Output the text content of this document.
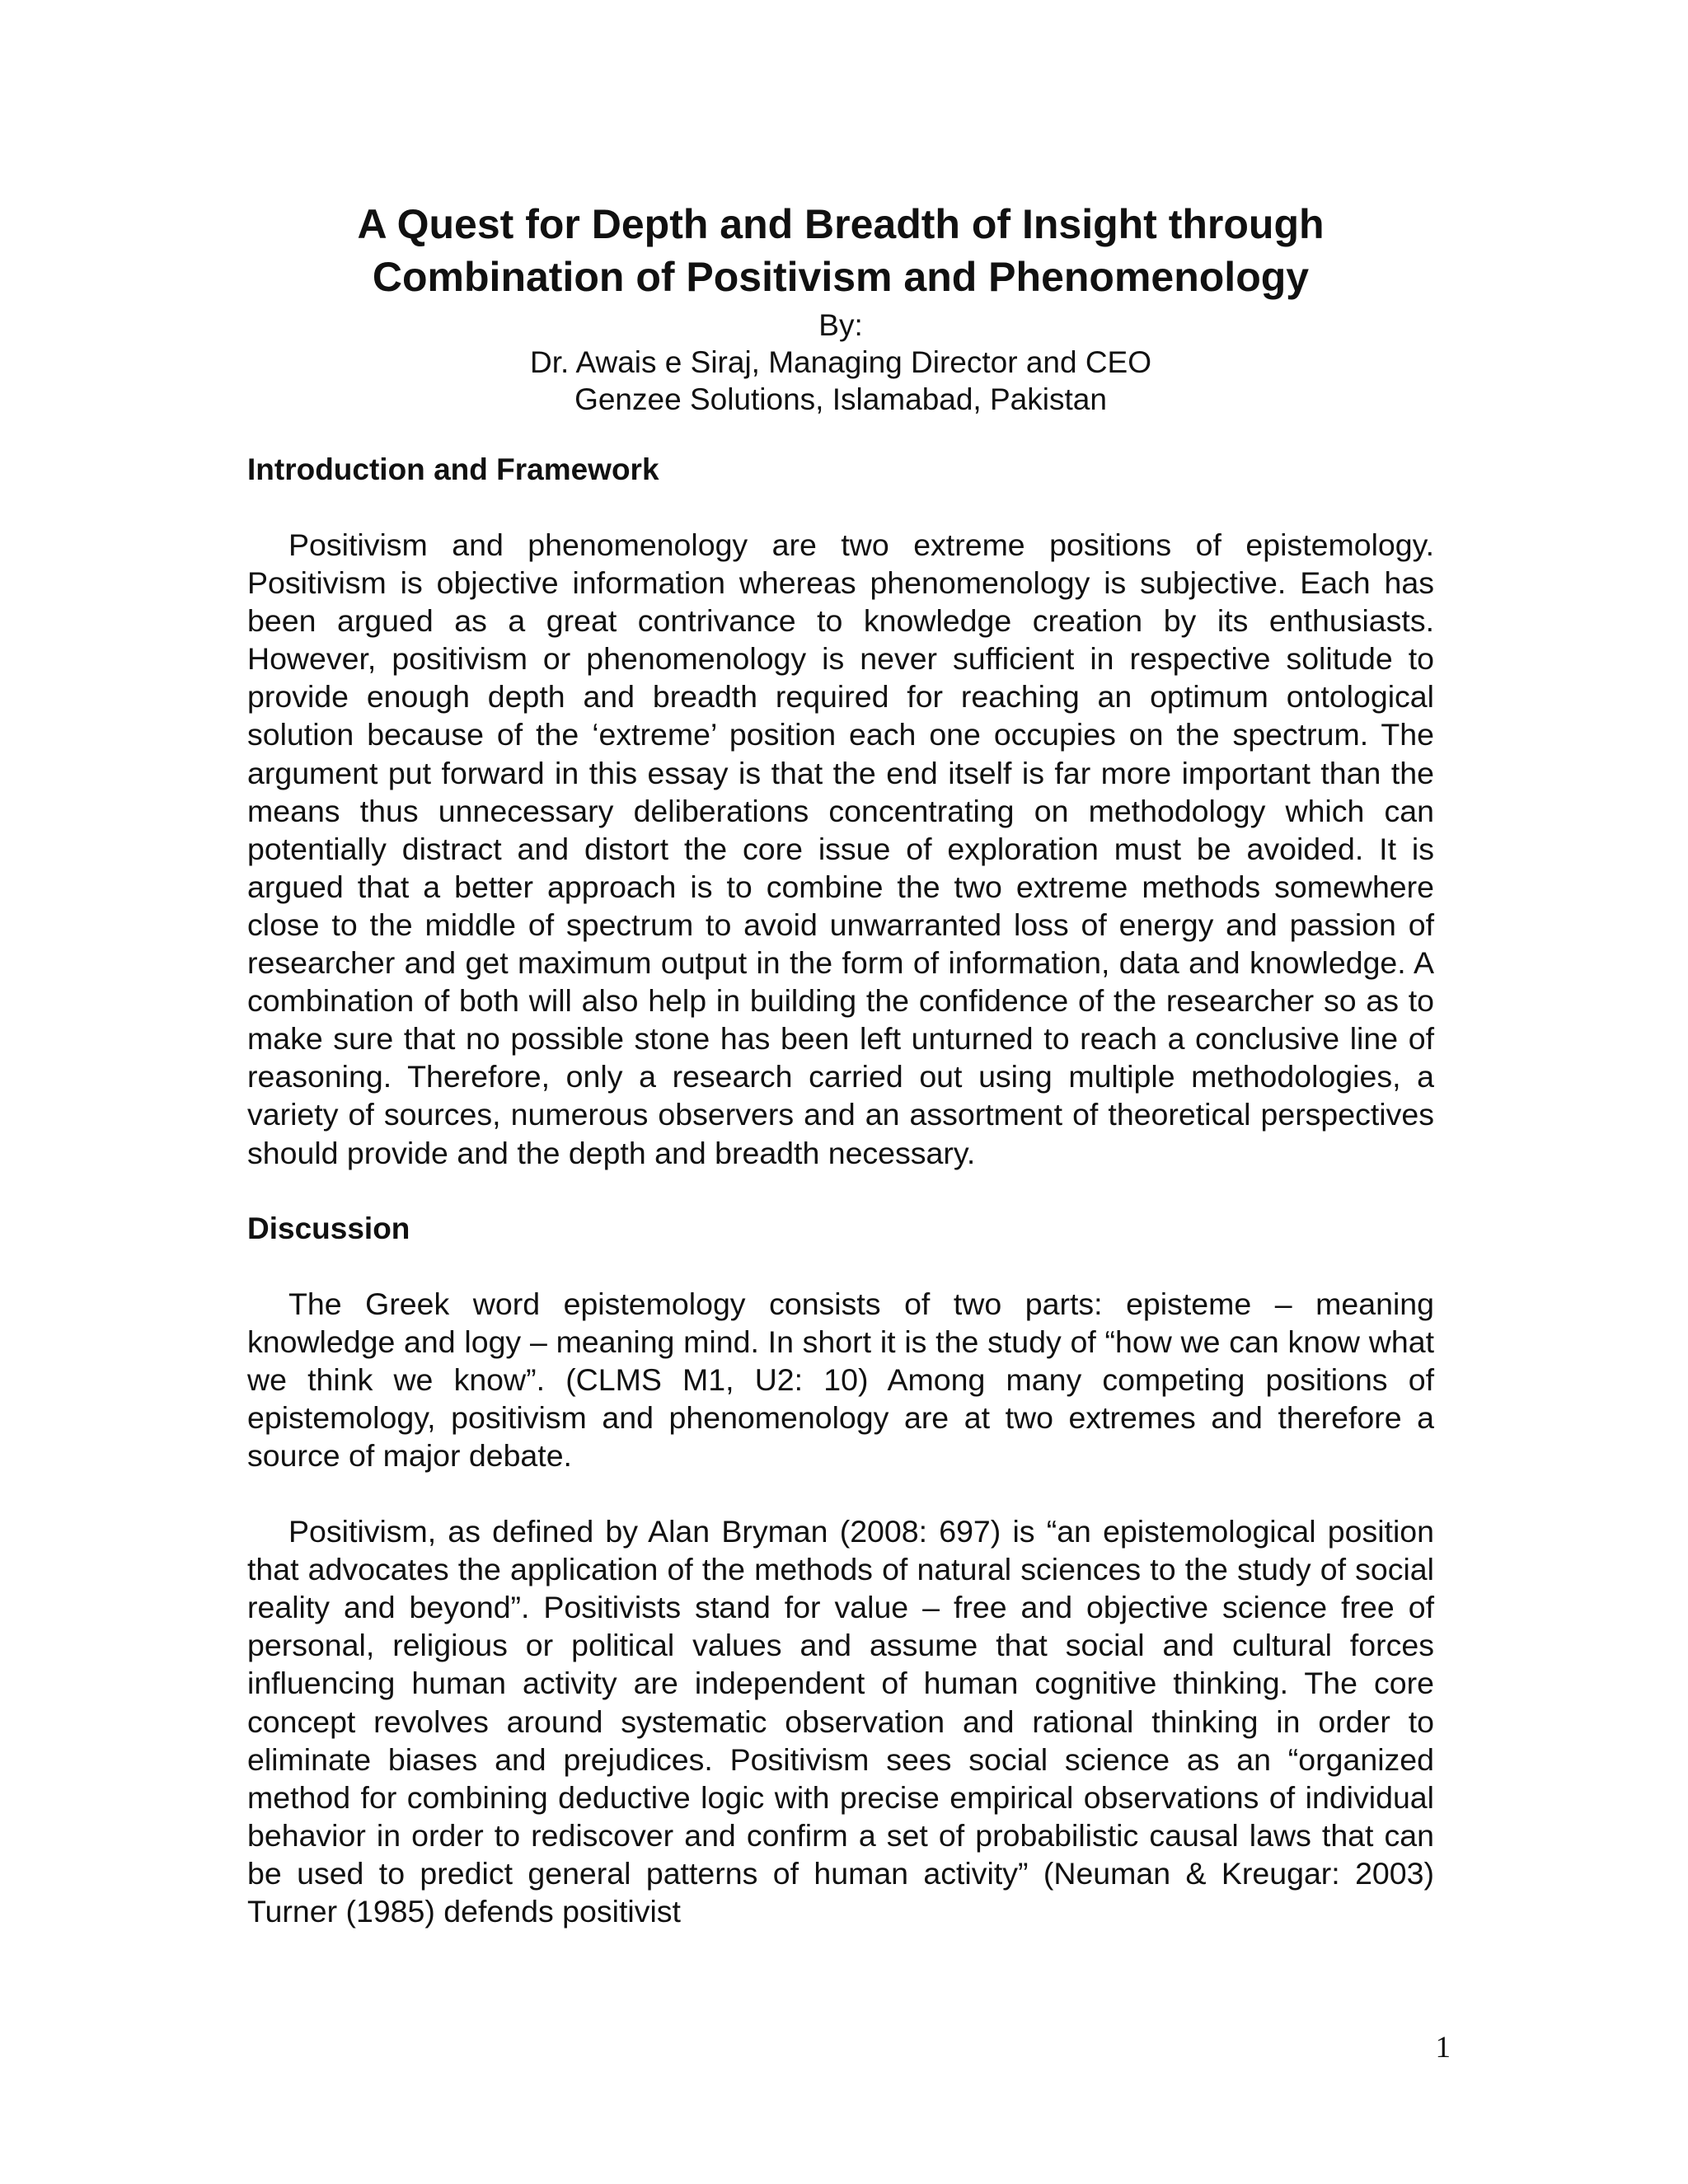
A Quest for Depth and Breadth of Insight through
Combination of Positivism and Phenomenology

By:

Dr. Awais e Siraj, Managing Director and CEO

Genzee Solutions, Islamabad, Pakistan

Introduction and Framework

Positivism and phenomenology are two extreme positions of epistemology. Positivism is objective information whereas phenomenology is subjective. Each has been argued as a great contrivance to knowledge creation by its enthusiasts. However, positivism or phenomenology is never sufficient in respective solitude to provide enough depth and breadth required for reaching an optimum ontological solution because of the ‘extreme’ position each one occupies on the spectrum. The argument put forward in this essay is that the end itself is far more important than the means thus unnecessary deliberations concentrating on methodology which can potentially distract and distort the core issue of exploration must be avoided. It is argued that a better approach is to combine the two extreme methods somewhere close to the middle of spectrum to avoid unwarranted loss of energy and passion of researcher and get maximum output in the form of information, data and knowledge. A combination of both will also help in building the confidence of the researcher so as to make sure that no possible stone has been left unturned to reach a conclusive line of reasoning. Therefore, only a research carried out using multiple methodologies, a variety of sources, numerous observers and an assortment of theoretical perspectives should provide and the depth and breadth necessary.

Discussion

The Greek word epistemology consists of two parts: episteme – meaning knowledge and logy – meaning mind. In short it is the study of “how we can know what we think we know”. (CLMS M1, U2: 10) Among many competing positions of epistemology, positivism and phenomenology are at two extremes and therefore a source of major debate.

Positivism, as defined by Alan Bryman (2008: 697) is “an epistemological position that advocates the application of the methods of natural sciences to the study of social reality and beyond”. Positivists stand for value – free and objective science free of personal, religious or political values and assume that social and cultural forces influencing human activity are independent of human cognitive thinking. The core concept revolves around systematic observation and rational thinking in order to eliminate biases and prejudices. Positivism sees social science as an “organized method for combining deductive logic with precise empirical observations of individual behavior in order to rediscover and confirm a set of probabilistic causal laws that can be used to predict general patterns of human activity” (Neuman & Kreugar: 2003) Turner (1985) defends positivist

1
